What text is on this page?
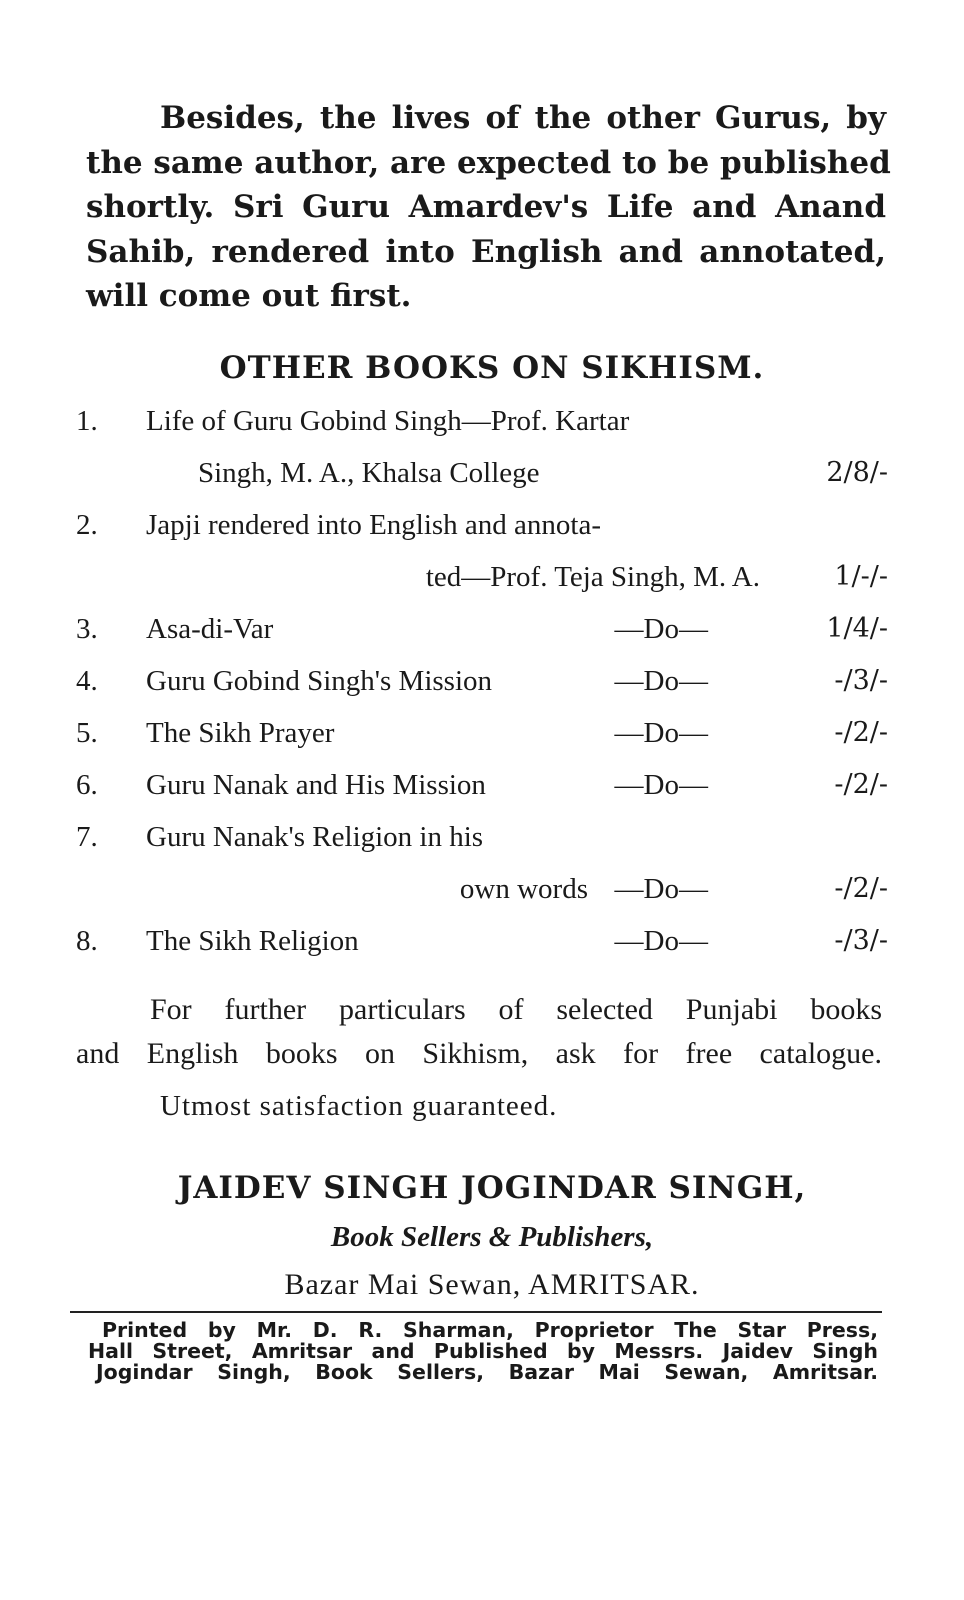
Besides, the lives of the other Gurus, by
the same author, are expected to be published
shortly. Sri Guru Amardev's Life and Anand
Sahib, rendered into English and annotated,
will come out first.

OTHER BOOKS ON SIKHISM.
1.	Life of Guru Gobind Singh—Prof. Kartar
Singh, M. A., Khalsa College	2/8/-
2.	Japji rendered into English and annota-
ted—Prof. Teja Singh, M. A.	1/-/-
3.	Asa-di-Var	—Do—	1/4/-
4.	Guru Gobind Singh's Mission	—Do—	-/3/-
5.	The Sikh Prayer	—Do—	-/2/-
6.	Guru Nanak and His Mission	—Do—	-/2/-
7.	Guru Nanak's Religion in his
own words —Do—	-/2/-
8.	The Sikh Religion	—Do—	-/3/-

For further particulars of selected Punjabi books
and English books on Sikhism, ask for free catalogue.

Utmost satisfaction guaranteed.

JAIDEV SINGH JOGINDAR SINGH,

Book Sellers & Publishers,

Bazar Mai Sewan, AMRITSAR.

Printed by Mr. D. R. Sharman, Proprietor The Star Press,
Hall Street, Amritsar and Published by Messrs. Jaidev Singh
Jogindar Singh, Book Sellers, Bazar Mai Sewan, Amritsar.
